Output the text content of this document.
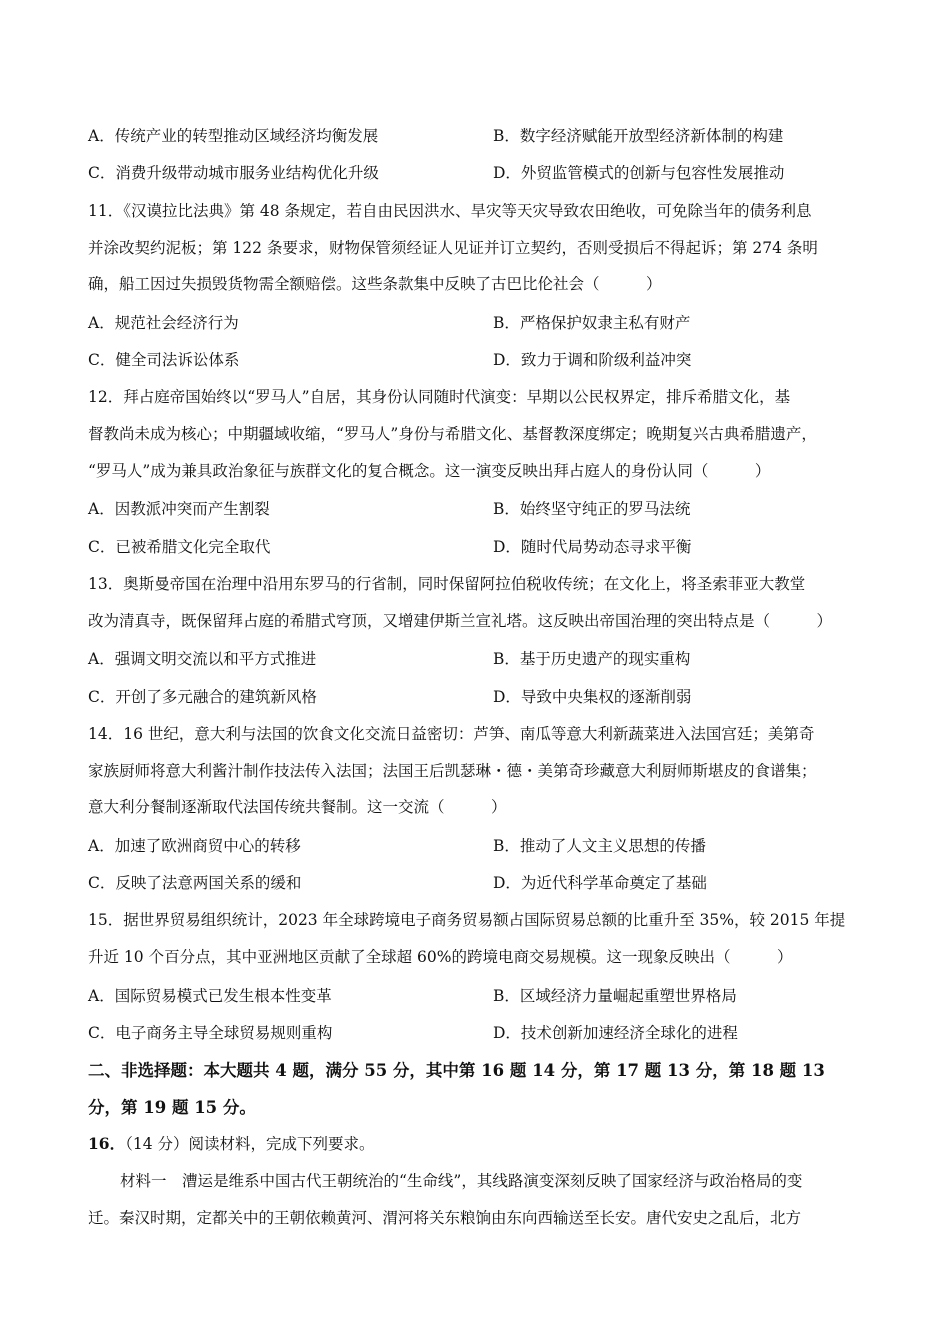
A．传统产业的转型推动区域经济均衡发展	B．数字经济赋能开放型经济新体制的构建
C．消费升级带动城市服务业结构优化升级	D．外贸监管模式的创新与包容性发展推动
11．《汉谟拉比法典》第 48 条规定，若自由民因洪水、旱灾等天灾导致农田绝收，可免除当年的债务利息
并涂改契约泥板；第 122 条要求，财物保管须经证人见证并订立契约，否则受损后不得起诉；第 274 条明
确，船工因过失损毁货物需全额赔偿。这些条款集中反映了古巴比伦社会（　　　）
A．规范社会经济行为	B．严格保护奴隶主私有财产
C．健全司法诉讼体系	D．致力于调和阶级利益冲突
12．拜占庭帝国始终以“罗马人”自居，其身份认同随时代演变：早期以公民权界定，排斥希腊文化，基
督教尚未成为核心；中期疆域收缩，“罗马人”身份与希腊文化、基督教深度绑定；晚期复兴古典希腊遗产，
“罗马人”成为兼具政治象征与族群文化的复合概念。这一演变反映出拜占庭人的身份认同（　　　）
A．因教派冲突而产生割裂	B．始终坚守纯正的罗马法统
C．已被希腊文化完全取代	D．随时代局势动态寻求平衡
13．奥斯曼帝国在治理中沿用东罗马的行省制，同时保留阿拉伯税收传统；在文化上，将圣索菲亚大教堂
改为清真寺，既保留拜占庭的希腊式穹顶，又增建伊斯兰宣礼塔。这反映出帝国治理的突出特点是（　　　）
A．强调文明交流以和平方式推进	B．基于历史遗产的现实重构
C．开创了多元融合的建筑新风格	D．导致中央集权的逐渐削弱
14．16 世纪，意大利与法国的饮食文化交流日益密切：芦笋、南瓜等意大利新蔬菜进入法国宫廷；美第奇
家族厨师将意大利酱汁制作技法传入法国；法国王后凯瑟琳・德・美第奇珍藏意大利厨师斯堪皮的食谱集；
意大利分餐制逐渐取代法国传统共餐制。这一交流（　　　）
A．加速了欧洲商贸中心的转移	B．推动了人文主义思想的传播
C．反映了法意两国关系的缓和	D．为近代科学革命奠定了基础
15．据世界贸易组织统计，2023 年全球跨境电子商务贸易额占国际贸易总额的比重升至 35%，较 2015 年提
升近 10 个百分点，其中亚洲地区贡献了全球超 60%的跨境电商交易规模。这一现象反映出（　　　）
A．国际贸易模式已发生根本性变革	B．区域经济力量崛起重塑世界格局
C．电子商务主导全球贸易规则重构	D．技术创新加速经济全球化的进程
二、非选择题：本大题共 4 题，满分 55 分，其中第 16 题 14 分，第 17 题 13 分，第 18 题 13
分，第 19 题 15 分。
16．（14 分）阅读材料，完成下列要求。
材料一　漕运是维系中国古代王朝统治的“生命线”，其线路演变深刻反映了国家经济与政治格局的变
迁。秦汉时期，定都关中的王朝依赖黄河、渭河将关东粮饷由东向西输送至长安。唐代安史之乱后，北方
